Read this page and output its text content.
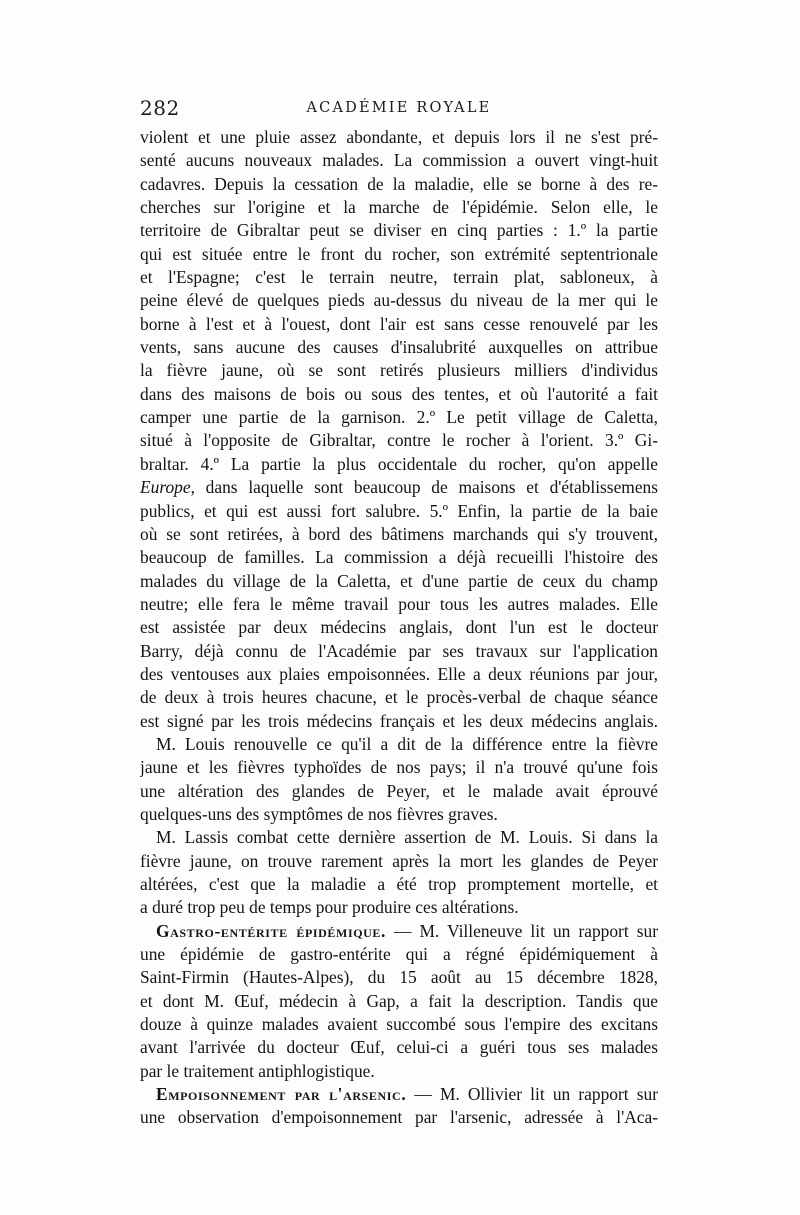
282	ACADÉMIE ROYALE
violent et une pluie assez abondante, et depuis lors il ne s'est pré-
senté aucuns nouveaux malades. La commission a ouvert vingt-huit
cadavres. Depuis la cessation de la maladie, elle se borne à des re-
cherches sur l'origine et la marche de l'épidémie. Selon elle, le
territoire de Gibraltar peut se diviser en cinq parties : 1.º la partie
qui est située entre le front du rocher, son extrémité septentrionale
et l'Espagne; c'est le terrain neutre, terrain plat, sabloneux, à
peine élevé de quelques pieds au-dessus du niveau de la mer qui le
borne à l'est et à l'ouest, dont l'air est sans cesse renouvelé par les
vents, sans aucune des causes d'insalubrité auxquelles on attribue
la fièvre jaune, où se sont retirés plusieurs milliers d'individus
dans des maisons de bois ou sous des tentes, et où l'autorité a fait
camper une partie de la garnison. 2.º Le petit village de Caletta,
situé à l'opposite de Gibraltar, contre le rocher à l'orient. 3.º Gi-
braltar. 4.º La partie la plus occidentale du rocher, qu'on appelle
Europe, dans laquelle sont beaucoup de maisons et d'établissemens
publics, et qui est aussi fort salubre. 5.º Enfin, la partie de la baie
où se sont retirées, à bord des bâtimens marchands qui s'y trouvent,
beaucoup de familles. La commission a déjà recueilli l'histoire des
malades du village de la Caletta, et d'une partie de ceux du champ
neutre; elle fera le même travail pour tous les autres malades. Elle
est assistée par deux médecins anglais, dont l'un est le docteur
Barry, déjà connu de l'Académie par ses travaux sur l'application
des ventouses aux plaies empoisonnées. Elle a deux réunions par jour,
de deux à trois heures chacune, et le procès-verbal de chaque séance
est signé par les trois médecins français et les deux médecins anglais.
M. Louis renouvelle ce qu'il a dit de la différence entre la fièvre
jaune et les fièvres typhoïdes de nos pays; il n'a trouvé qu'une fois
une altération des glandes de Peyer, et le malade avait éprouvé
quelques-uns des symptômes de nos fièvres graves.
M. Lassis combat cette dernière assertion de M. Louis. Si dans la
fièvre jaune, on trouve rarement après la mort les glandes de Peyer
altérées, c'est que la maladie a été trop promptement mortelle, et
a duré trop peu de temps pour produire ces altérations.
Gastro-entérite épidémique. — M. Villeneuve lit un rapport sur
une épidémie de gastro-entérite qui a régné épidémiquement à
Saint-Firmin (Hautes-Alpes), du 15 août au 15 décembre 1828,
et dont M. Œuf, médecin à Gap, a fait la description. Tandis que
douze à quinze malades avaient succombé sous l'empire des excitans
avant l'arrivée du docteur Œuf, celui-ci a guéri tous ses malades
par le traitement antiphlogistique.
Empoisonnement par l'arsenic. — M. Ollivier lit un rapport sur
une observation d'empoisonnement par l'arsenic, adressée à l'Aca-
